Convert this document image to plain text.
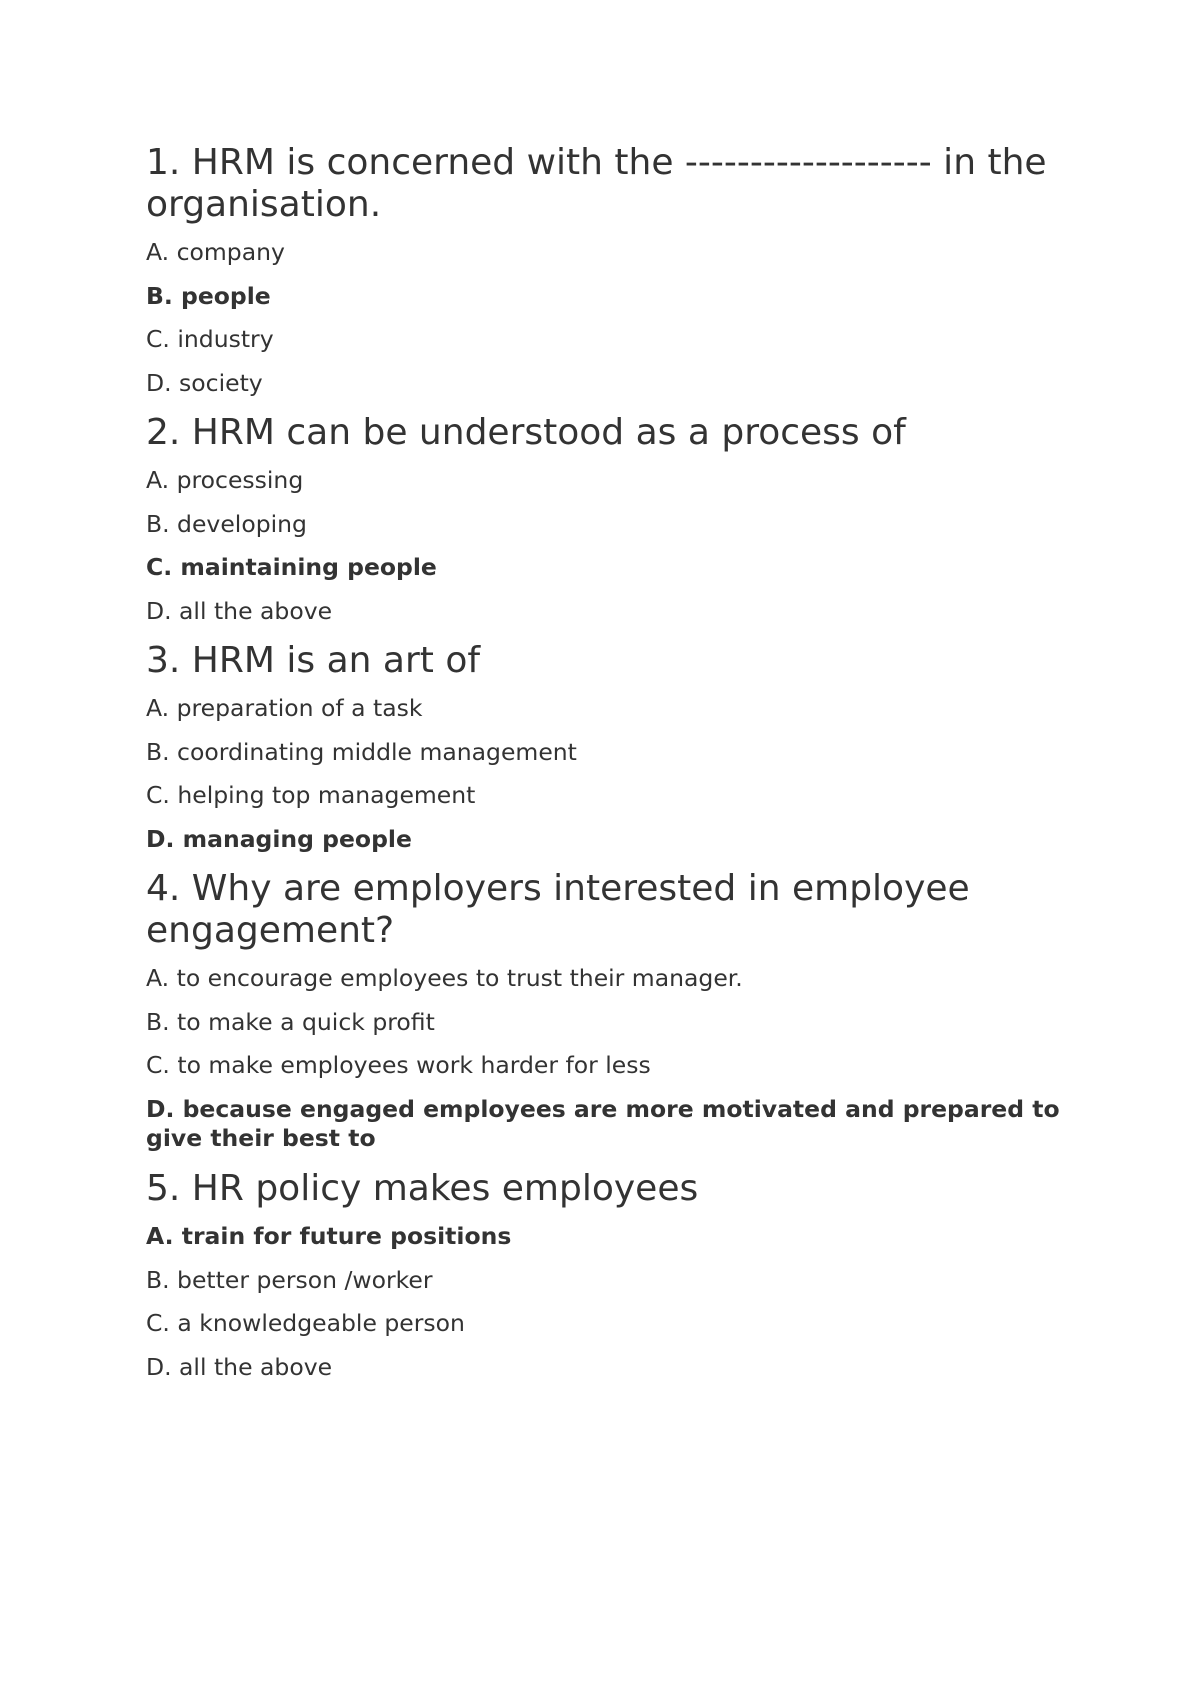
1. HRM is concerned with the ------------------- in the organisation.
A. company
B. people
C. industry
D. society
2. HRM can be understood as a process of
A. processing
B. developing
C. maintaining people
D. all the above
3. HRM is an art of
A. preparation of a task
B. coordinating middle management
C. helping top management
D. managing people
4. Why are employers interested in employee engagement?
A. to encourage employees to trust their manager.
B. to make a quick profit
C. to make employees work harder for less
D. because engaged employees are more motivated and prepared to give their best to
5. HR policy makes employees
A. train for future positions
B. better person /worker
C. a knowledgeable person
D. all the above
